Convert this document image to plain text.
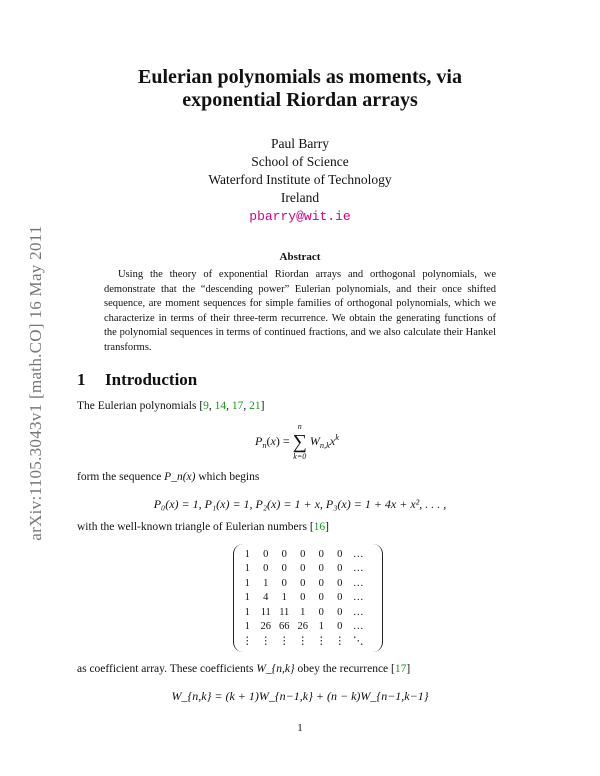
arXiv:1105.3043v1 [math.CO] 16 May 2011
Eulerian polynomials as moments, via
exponential Riordan arrays
Paul Barry
School of Science
Waterford Institute of Technology
Ireland
pbarry@wit.ie
Abstract
Using the theory of exponential Riordan arrays and orthogonal polynomials, we demonstrate that the “descending power” Eulerian polynomials, and their once shifted sequence, are moment sequences for simple families of orthogonal polynomials, which we characterize in terms of their three-term recurrence. We obtain the generating functions of the polynomial sequences in terms of continued fractions, and we also calculate their Hankel transforms.
1 Introduction
The Eulerian polynomials [9, 14, 17, 21]
$P_n(x)$ =
n
∑
k=0
$W_{n,k}x^k$
form the sequence P_n(x) which begins
P₀(x) = 1, P₁(x) = 1, P₂(x) = 1 + x, P₃(x) = 1 + 4x + x², . . . ,
with the well-known triangle of Eulerian numbers [16]
1	0	0	0	0	0	…
1	0	0	0	0	0	…
1	1	0	0	0	0	…
1	4	1	0	0	0	…
1	11	11	1	0	0	…
1	26	66	26	1	0	…
⋮	⋮	⋮	⋮	⋮	⋮	⋱
as coefficient array. These coefficients W_{n,k} obey the recurrence [17]
W_{n,k} = (k + 1)W_{n−1,k} + (n − k)W_{n−1,k−1}
1
